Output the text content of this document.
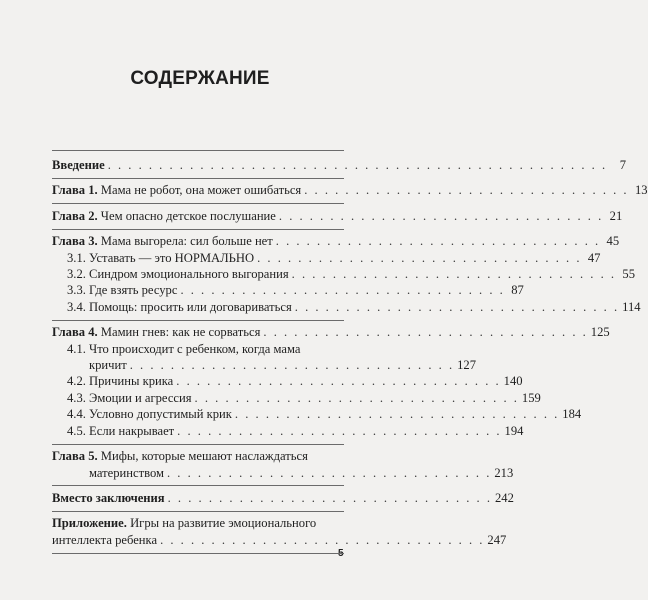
СОДЕРЖАНИЕ
Введение . . . . . . . . . . . . . . . . . . . . . . . . . . . . . . . . . . . . . . . . . . . . . . . . .	7
Глава 1. Мама не робот, она может ошибаться . . . . . . . . . . . . . . . . . . . . . . . . . . . . . . . . 13
Глава 2. Чем опасно детское послушание . . . . . . . . . . . . . . . . . . . . . . . . . . . . . . . . 21
Глава 3. Мама выгорела: сил больше нет . . . . . . . . . . . . . . . . . . . . . . . . . . . . . . . . 45
3.1. Уставать — это НОРМАЛЬНО . . . . . . . . . . . . . . . . . . . . . . . . . . . . . . . . 47
3.2. Синдром эмоционального выгорания . . . . . . . . . . . . . . . . . . . . . . . . . . . . . . . . 55
3.3. Где взять ресурс . . . . . . . . . . . . . . . . . . . . . . . . . . . . . . . . 87
3.4. Помощь: просить или договариваться . . . . . . . . . . . . . . . . . . . . . . . . . . . . . . . . 114
Глава 4. Мамин гнев: как не сорваться . . . . . . . . . . . . . . . . . . . . . . . . . . . . . . . . 125
4.1. Что происходит с ребенком, когда мама
кричит . . . . . . . . . . . . . . . . . . . . . . . . . . . . . . . . 127
4.2. Причины крика . . . . . . . . . . . . . . . . . . . . . . . . . . . . . . . . 140
4.3. Эмоции и агрессия . . . . . . . . . . . . . . . . . . . . . . . . . . . . . . . . 159
4.4. Условно допустимый крик . . . . . . . . . . . . . . . . . . . . . . . . . . . . . . . . 184
4.5. Если накрывает . . . . . . . . . . . . . . . . . . . . . . . . . . . . . . . . 194
Глава 5. Мифы, которые мешают наслаждаться
материнством . . . . . . . . . . . . . . . . . . . . . . . . . . . . . . . . 213
Вместо заключения . . . . . . . . . . . . . . . . . . . . . . . . . . . . . . . . 242
Приложение. Игры на развитие эмоционального
интеллекта ребенка . . . . . . . . . . . . . . . . . . . . . . . . . . . . . . . . 247
5
